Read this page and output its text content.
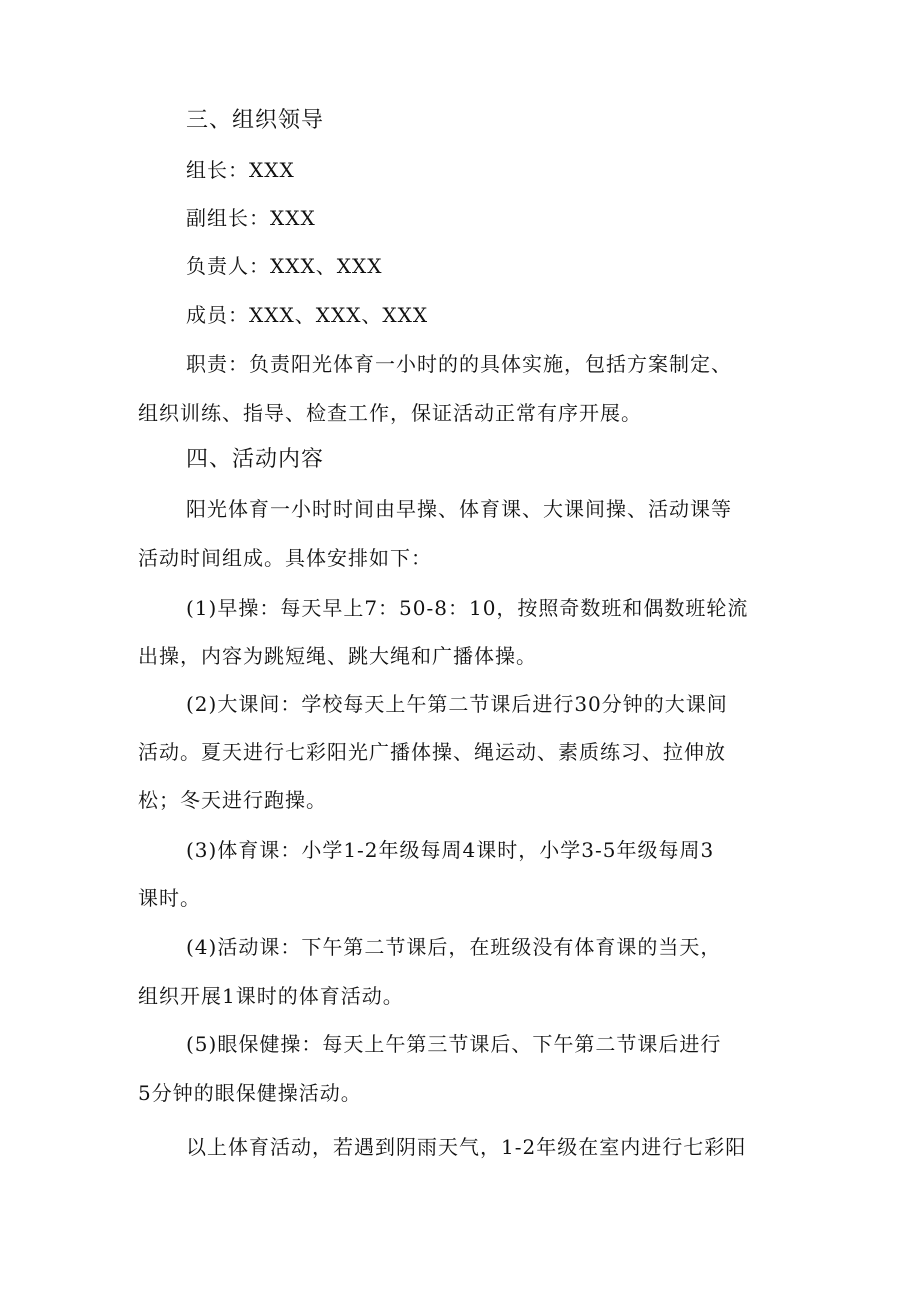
三、组织领导
组长：XXX
副组长：XXX
负责人：XXX、XXX
成员：XXX、XXX、XXX
职责：负责阳光体育一小时的的具体实施，包括方案制定、
组织训练、指导、检查工作，保证活动正常有序开展。
四、活动内容
阳光体育一小时时间由早操、体育课、大课间操、活动课等
活动时间组成。具体安排如下：
(1)早操：每天早上7：50-8：10，按照奇数班和偶数班轮流
出操，内容为跳短绳、跳大绳和广播体操。
(2)大课间：学校每天上午第二节课后进行30分钟的大课间
活动。夏天进行七彩阳光广播体操、绳运动、素质练习、拉伸放
松；冬天进行跑操。
(3)体育课：小学1-2年级每周4课时，小学3-5年级每周3
课时。
(4)活动课：下午第二节课后，在班级没有体育课的当天，
组织开展1课时的体育活动。
(5)眼保健操：每天上午第三节课后、下午第二节课后进行
5分钟的眼保健操活动。
以上体育活动，若遇到阴雨天气，1-2年级在室内进行七彩阳
